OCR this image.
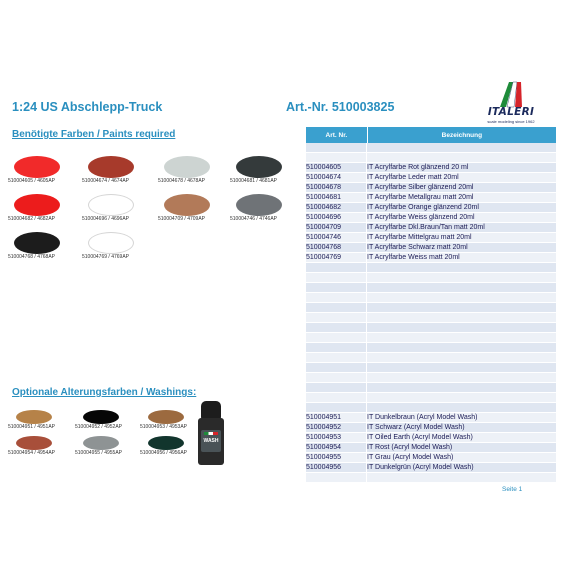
1:24 US Abschlepp-Truck	Art.-Nr. 510003825	ITALERI
scale modeling since 1962
Benötigte Farben / Paints required
510004605 / 4605AP	510004674 / 4674AP	510004678 / 4678AP	510004681 / 4681AP
510004682 / 4682AP	510004696 / 4696AP	510004709 / 4709AP	510004746 / 4746AP
510004768 / 4768AP	510004769 / 4769AP
Optionale Alterungsfarben / Washings:
510004951 / 4951AP	510004952 / 4952AP	510004953 / 4953AP
510004954 / 4954AP	510004955 / 4955AP	510004956 / 4956AP
WASH
Art. Nr.	Bezeichnung
510004605	IT Acrylfarbe Rot glänzend 20 ml
510004674	IT Acrylfarbe Leder matt 20ml
510004678	IT Acrylfarbe Silber glänzend 20ml
510004681	IT Acrylfarbe Metallgrau matt 20ml
510004682	IT Acrylfarbe Orange glänzend 20ml
510004696	IT Acrylfarbe Weiss glänzend 20ml
510004709	IT Acrylfarbe Dkl.Braun/Tan matt 20ml
510004746	IT Acrylfarbe Mittelgrau matt 20ml
510004768	IT Acrylfarbe Schwarz matt 20ml
510004769	IT Acrylfarbe Weiss matt 20ml
510004951	IT Dunkelbraun (Acryl Model Wash)
510004952	IT Schwarz (Acryl Model Wash)
510004953	IT Oiled Earth (Acryl Model Wash)
510004954	IT Rost (Acryl Model Wash)
510004955	IT Grau (Acryl Model Wash)
510004956	IT Dunkelgrün (Acryl Model Wash)
Seite 1
